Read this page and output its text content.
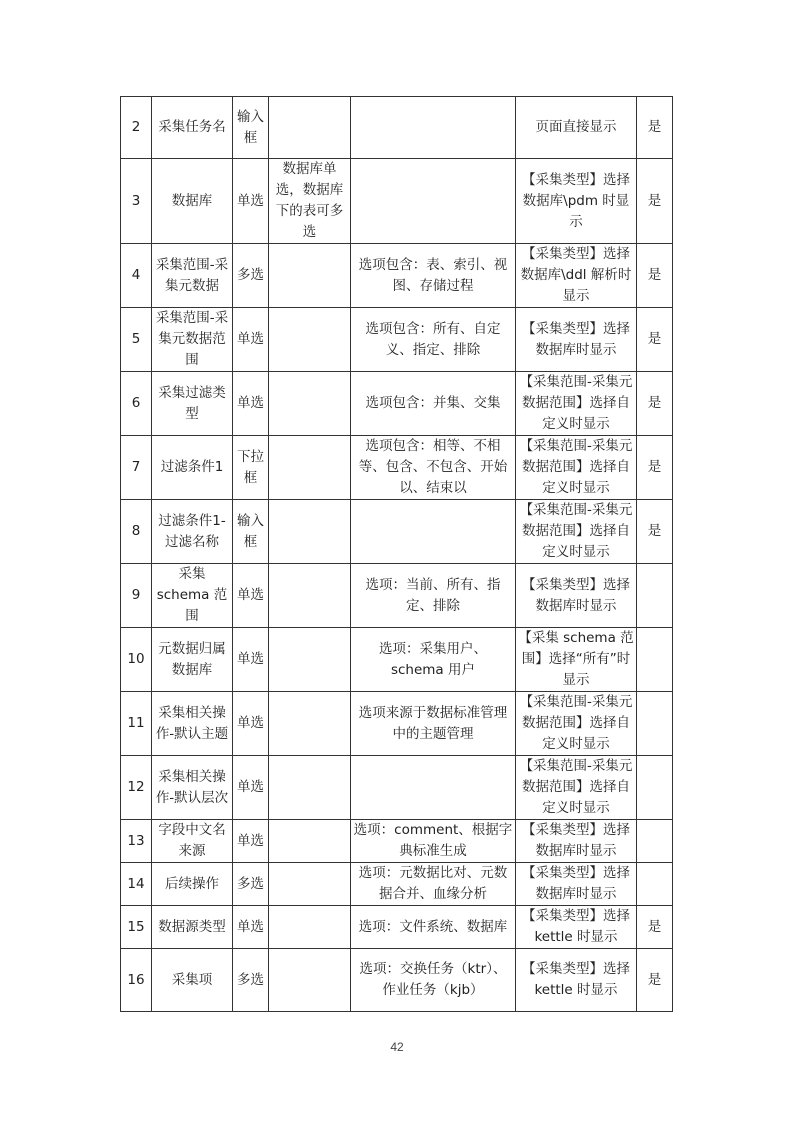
2	采集任务名	输入框			页面直接显示	是
3	数据库	单选	数据库单选，数据库下的表可多选		【采集类型】选择数据库\pdm 时显示	是
4	采集范围-采集元数据	多选		选项包含：表、索引、视图、存储过程	【采集类型】选择数据库\ddl 解析时显示	是
5	采集范围-采集元数据范围	单选		选项包含：所有、自定义、指定、排除	【采集类型】选择数据库时显示	是
6	采集过滤类型	单选		选项包含：并集、交集	【采集范围-采集元数据范围】选择自定义时显示	是
7	过滤条件1	下拉框		选项包含：相等、不相等、包含、不包含、开始以、结束以	【采集范围-采集元数据范围】选择自定义时显示	是
8	过滤条件1-过滤名称	输入框			【采集范围-采集元数据范围】选择自定义时显示	是
9	采集schema 范围	单选		选项：当前、所有、指定、排除	【采集类型】选择数据库时显示	
10	元数据归属数据库	单选		选项：采集用户、schema 用户	【采集 schema 范围】选择“所有”时显示	
11	采集相关操作-默认主题	单选		选项来源于数据标准管理中的主题管理	【采集范围-采集元数据范围】选择自定义时显示	
12	采集相关操作-默认层次	单选			【采集范围-采集元数据范围】选择自定义时显示	
13	字段中文名来源	单选		选项：comment、根据字典标准生成	【采集类型】选择数据库时显示	
14	后续操作	多选		选项：元数据比对、元数据合并、血缘分析	【采集类型】选择数据库时显示	
15	数据源类型	单选		选项：文件系统、数据库	【采集类型】选择 kettle 时显示	是
16	采集项	多选		选项：交换任务（ktr）、作业任务（kjb）	【采集类型】选择 kettle 时显示	是
42
